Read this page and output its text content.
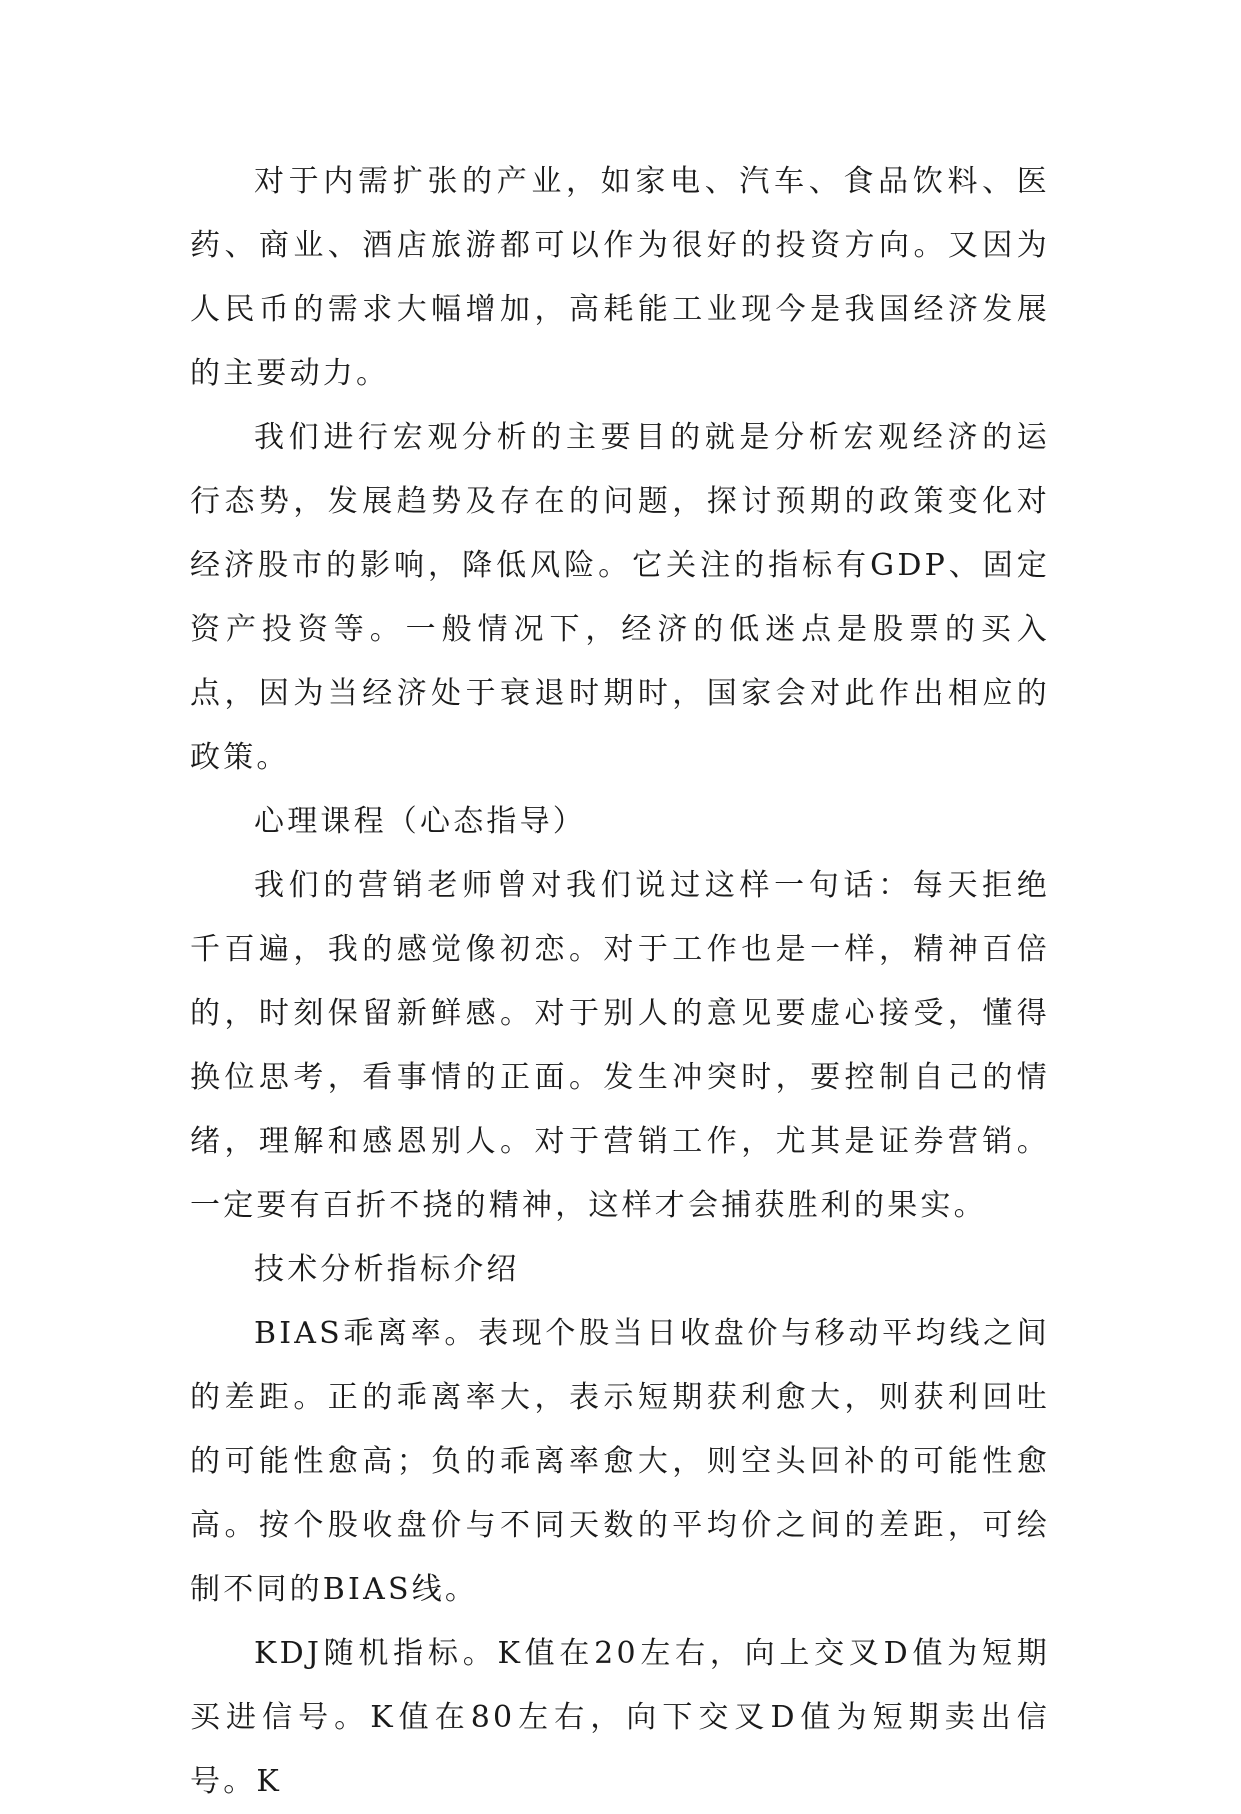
对于内需扩张的产业，如家电、汽车、食品饮料、医药、商业、酒店旅游都可以作为很好的投资方向。又因为人民币的需求大幅增加，高耗能工业现今是我国经济发展的主要动力。

我们进行宏观分析的主要目的就是分析宏观经济的运行态势，发展趋势及存在的问题，探讨预期的政策变化对经济股市的影响，降低风险。它关注的指标有GDP、固定资产投资等。一般情况下，经济的低迷点是股票的买入点，因为当经济处于衰退时期时，国家会对此作出相应的政策。

心理课程（心态指导）

我们的营销老师曾对我们说过这样一句话：每天拒绝千百遍，我的感觉像初恋。对于工作也是一样，精神百倍的，时刻保留新鲜感。对于别人的意见要虚心接受，懂得换位思考，看事情的正面。发生冲突时，要控制自己的情绪，理解和感恩别人。对于营销工作，尤其是证券营销。一定要有百折不挠的精神，这样才会捕获胜利的果实。

技术分析指标介绍

BIAS乖离率。表现个股当日收盘价与移动平均线之间的差距。正的乖离率大，表示短期获利愈大，则获利回吐的可能性愈高；负的乖离率愈大，则空头回补的可能性愈高。按个股收盘价与不同天数的平均价之间的差距，可绘制不同的BIAS线。

KDJ随机指标。K值在20左右，向上交叉D值为短期买进信号。K值在80左右，向下交叉D值为短期卖出信号。K
